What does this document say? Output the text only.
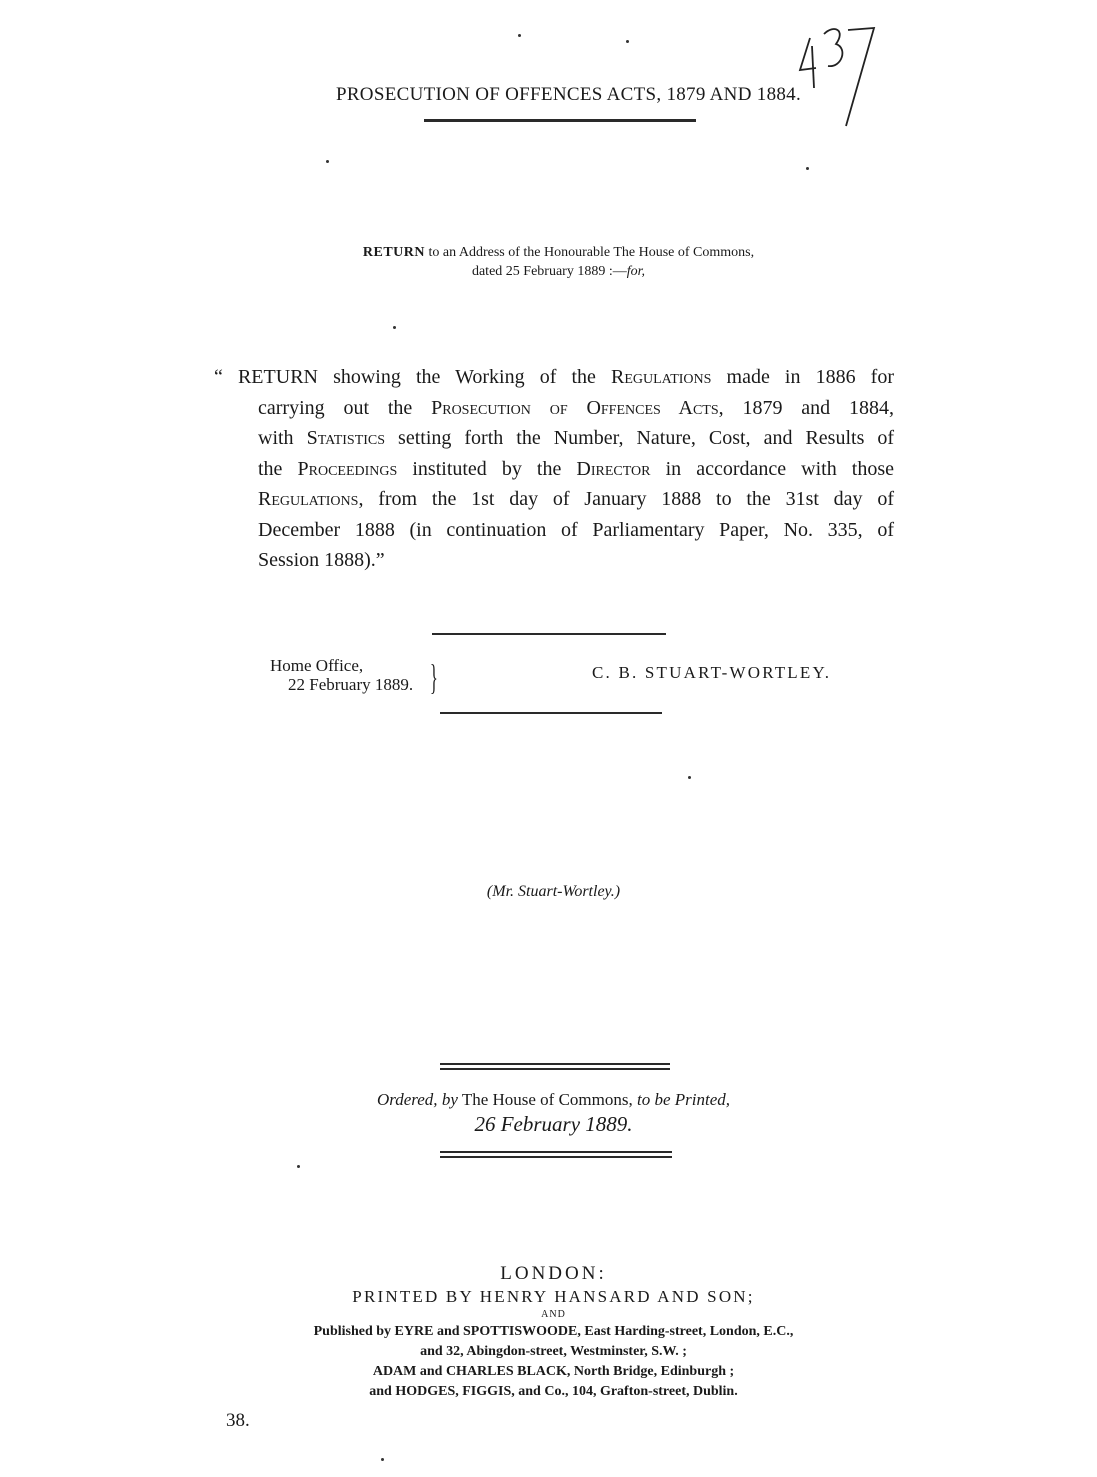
437
PROSECUTION OF OFFENCES ACTS, 1879 AND 1884.
RETURN to an Address of the Honourable The House of Commons,
dated 25 February 1889 :—for,
“ RETURN showing the Working of the Regulations made in 1886 for
carrying out the Prosecution of Offences Acts, 1879 and 1884,
with Statistics setting forth the Number, Nature, Cost, and Results of
the Proceedings instituted by the Director in accordance with those
Regulations, from the 1st day of January 1888 to the 31st day of
December 1888 (in continuation of Parliamentary Paper, No. 335, of
Session 1888).”
Home Office,
22 February 1889. }	C. B. STUART-WORTLEY.
(Mr. Stuart-Wortley.)
Ordered, by The House of Commons, to be Printed,
26 February 1889.
LONDON:
PRINTED BY HENRY HANSARD AND SON;
AND
Published by EYRE and SPOTTISWOODE, East Harding-street, London, E.C.,
and 32, Abingdon-street, Westminster, S.W. ;
ADAM and CHARLES BLACK, North Bridge, Edinburgh ;
and HODGES, FIGGIS, and Co., 104, Grafton-street, Dublin.
38.
